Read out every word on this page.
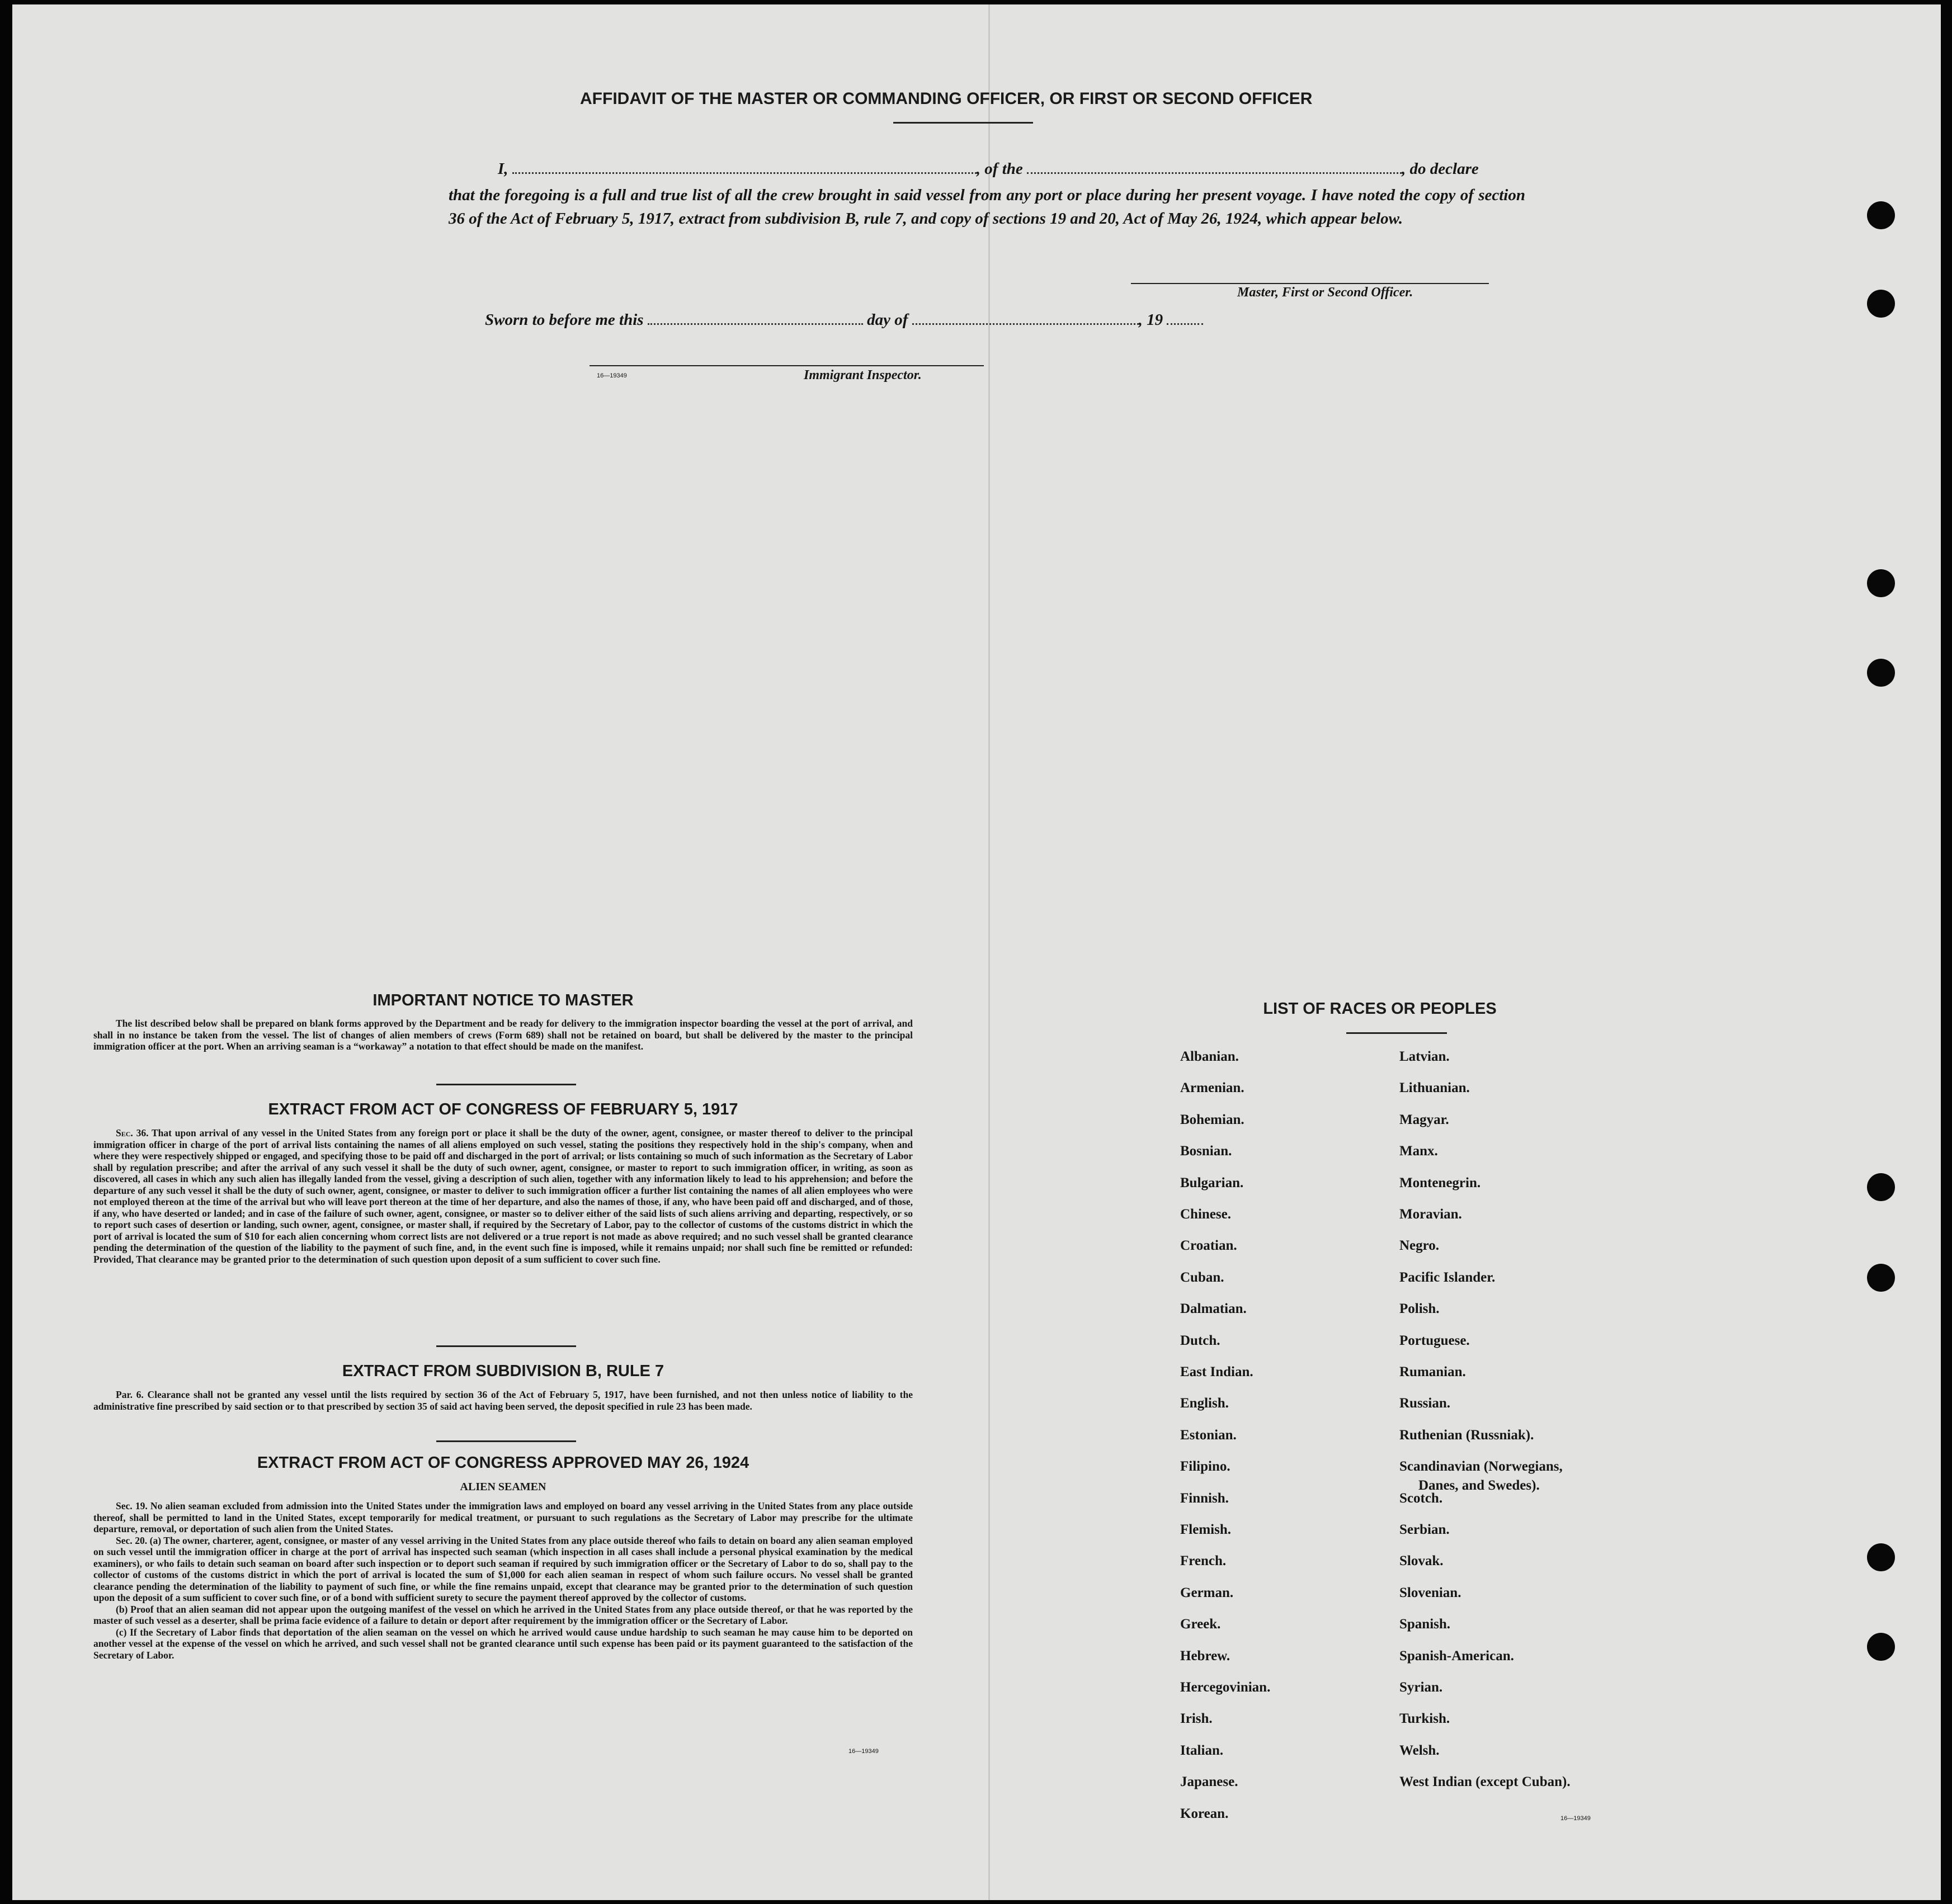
AFFIDAVIT OF THE MASTER OR COMMANDING OFFICER, OR FIRST OR SECOND OFFICER
I,	, of the	, do declare
that the foregoing is a full and true list of all the crew brought in said vessel from any port or place during her present voyage. I have noted the copy of section 36 of the Act of February 5, 1917, extract from subdivision B, rule 7, and copy of sections 19 and 20, Act of May 26, 1924, which appear below.
Master, First or Second Officer.
Sworn to before me this	day of	, 19
16—19349	Immigrant Inspector.
IMPORTANT NOTICE TO MASTER

The list described below shall be prepared on blank forms approved by the Department and be ready for delivery to the immigration inspector boarding the vessel at the port of arrival, and shall in no instance be taken from the vessel. The list of changes of alien members of crews (Form 689) shall not be retained on board, but shall be delivered by the master to the principal immigration officer at the port. When an arriving seaman is a “workaway” a notation to that effect should be made on the manifest.

EXTRACT FROM ACT OF CONGRESS OF FEBRUARY 5, 1917

Sec. 36. That upon arrival of any vessel in the United States from any foreign port or place it shall be the duty of the owner, agent, consignee, or master thereof to deliver to the principal immigration officer in charge of the port of arrival lists containing the names of all aliens employed on such vessel, stating the positions they respectively hold in the ship's company, when and where they were respectively shipped or engaged, and specifying those to be paid off and discharged in the port of arrival; or lists containing so much of such information as the Secretary of Labor shall by regulation prescribe; and after the arrival of any such vessel it shall be the duty of such owner, agent, consignee, or master to report to such immigration officer, in writing, as soon as discovered, all cases in which any such alien has illegally landed from the vessel, giving a description of such alien, together with any information likely to lead to his apprehension; and before the departure of any such vessel it shall be the duty of such owner, agent, consignee, or master to deliver to such immigration officer a further list containing the names of all alien employees who were not employed thereon at the time of the arrival but who will leave port thereon at the time of her departure, and also the names of those, if any, who have been paid off and discharged, and of those, if any, who have deserted or landed; and in case of the failure of such owner, agent, consignee, or master so to deliver either of the said lists of such aliens arriving and departing, respectively, or so to report such cases of desertion or landing, such owner, agent, consignee, or master shall, if required by the Secretary of Labor, pay to the collector of customs of the customs district in which the port of arrival is located the sum of $10 for each alien concerning whom correct lists are not delivered or a true report is not made as above required; and no such vessel shall be granted clearance pending the determination of the question of the liability to the payment of such fine, and, in the event such fine is imposed, while it remains unpaid; nor shall such fine be remitted or refunded: Provided, That clearance may be granted prior to the determination of such question upon deposit of a sum sufficient to cover such fine.

EXTRACT FROM SUBDIVISION B, RULE 7

Par. 6. Clearance shall not be granted any vessel until the lists required by section 36 of the Act of February 5, 1917, have been furnished, and not then unless notice of liability to the administrative fine prescribed by said section or to that prescribed by section 35 of said act having been served, the deposit specified in rule 23 has been made.

EXTRACT FROM ACT OF CONGRESS APPROVED MAY 26, 1924
ALIEN SEAMEN

Sec. 19. No alien seaman excluded from admission into the United States under the immigration laws and employed on board any vessel arriving in the United States from any place outside thereof, shall be permitted to land in the United States, except temporarily for medical treatment, or pursuant to such regulations as the Secretary of Labor may prescribe for the ultimate departure, removal, or deportation of such alien from the United States.

Sec. 20. (a) The owner, charterer, agent, consignee, or master of any vessel arriving in the United States from any place outside thereof who fails to detain on board any alien seaman employed on such vessel until the immigration officer in charge at the port of arrival has inspected such seaman (which inspection in all cases shall include a personal physical examination by the medical examiners), or who fails to detain such seaman on board after such inspection or to deport such seaman if required by such immigration officer or the Secretary of Labor to do so, shall pay to the collector of customs of the customs district in which the port of arrival is located the sum of $1,000 for each alien seaman in respect of whom such failure occurs. No vessel shall be granted clearance pending the determination of the liability to payment of such fine, or while the fine remains unpaid, except that clearance may be granted prior to the determination of such question upon the deposit of a sum sufficient to cover such fine, or of a bond with sufficient surety to secure the payment thereof approved by the collector of customs.

(b) Proof that an alien seaman did not appear upon the outgoing manifest of the vessel on which he arrived in the United States from any place outside thereof, or that he was reported by the master of such vessel as a deserter, shall be prima facie evidence of a failure to detain or deport after requirement by the immigration officer or the Secretary of Labor.

(c) If the Secretary of Labor finds that deportation of the alien seaman on the vessel on which he arrived would cause undue hardship to such seaman he may cause him to be deported on another vessel at the expense of the vessel on which he arrived, and such vessel shall not be granted clearance until such expense has been paid or its payment guaranteed to the satisfaction of the Secretary of Labor.

16—19349
LIST OF RACES OR PEOPLES
Albanian.
Armenian.
Bohemian.
Bosnian.
Bulgarian.
Chinese.
Croatian.
Cuban.
Dalmatian.
Dutch.
East Indian.
English.
Estonian.
Filipino.
Finnish.
Flemish.
French.
German.
Greek.
Hebrew.
Hercegovinian.
Irish.
Italian.
Japanese.
Korean.
Latvian.
Lithuanian.
Magyar.
Manx.
Montenegrin.
Moravian.
Negro.
Pacific Islander.
Polish.
Portuguese.
Rumanian.
Russian.
Ruthenian (Russniak).
Scandinavian (Norwegians,
Danes, and Swedes).
Scotch.
Serbian.
Slovak.
Slovenian.
Spanish.
Spanish-American.
Syrian.
Turkish.
Welsh.
West Indian (except Cuban).
16—19349
